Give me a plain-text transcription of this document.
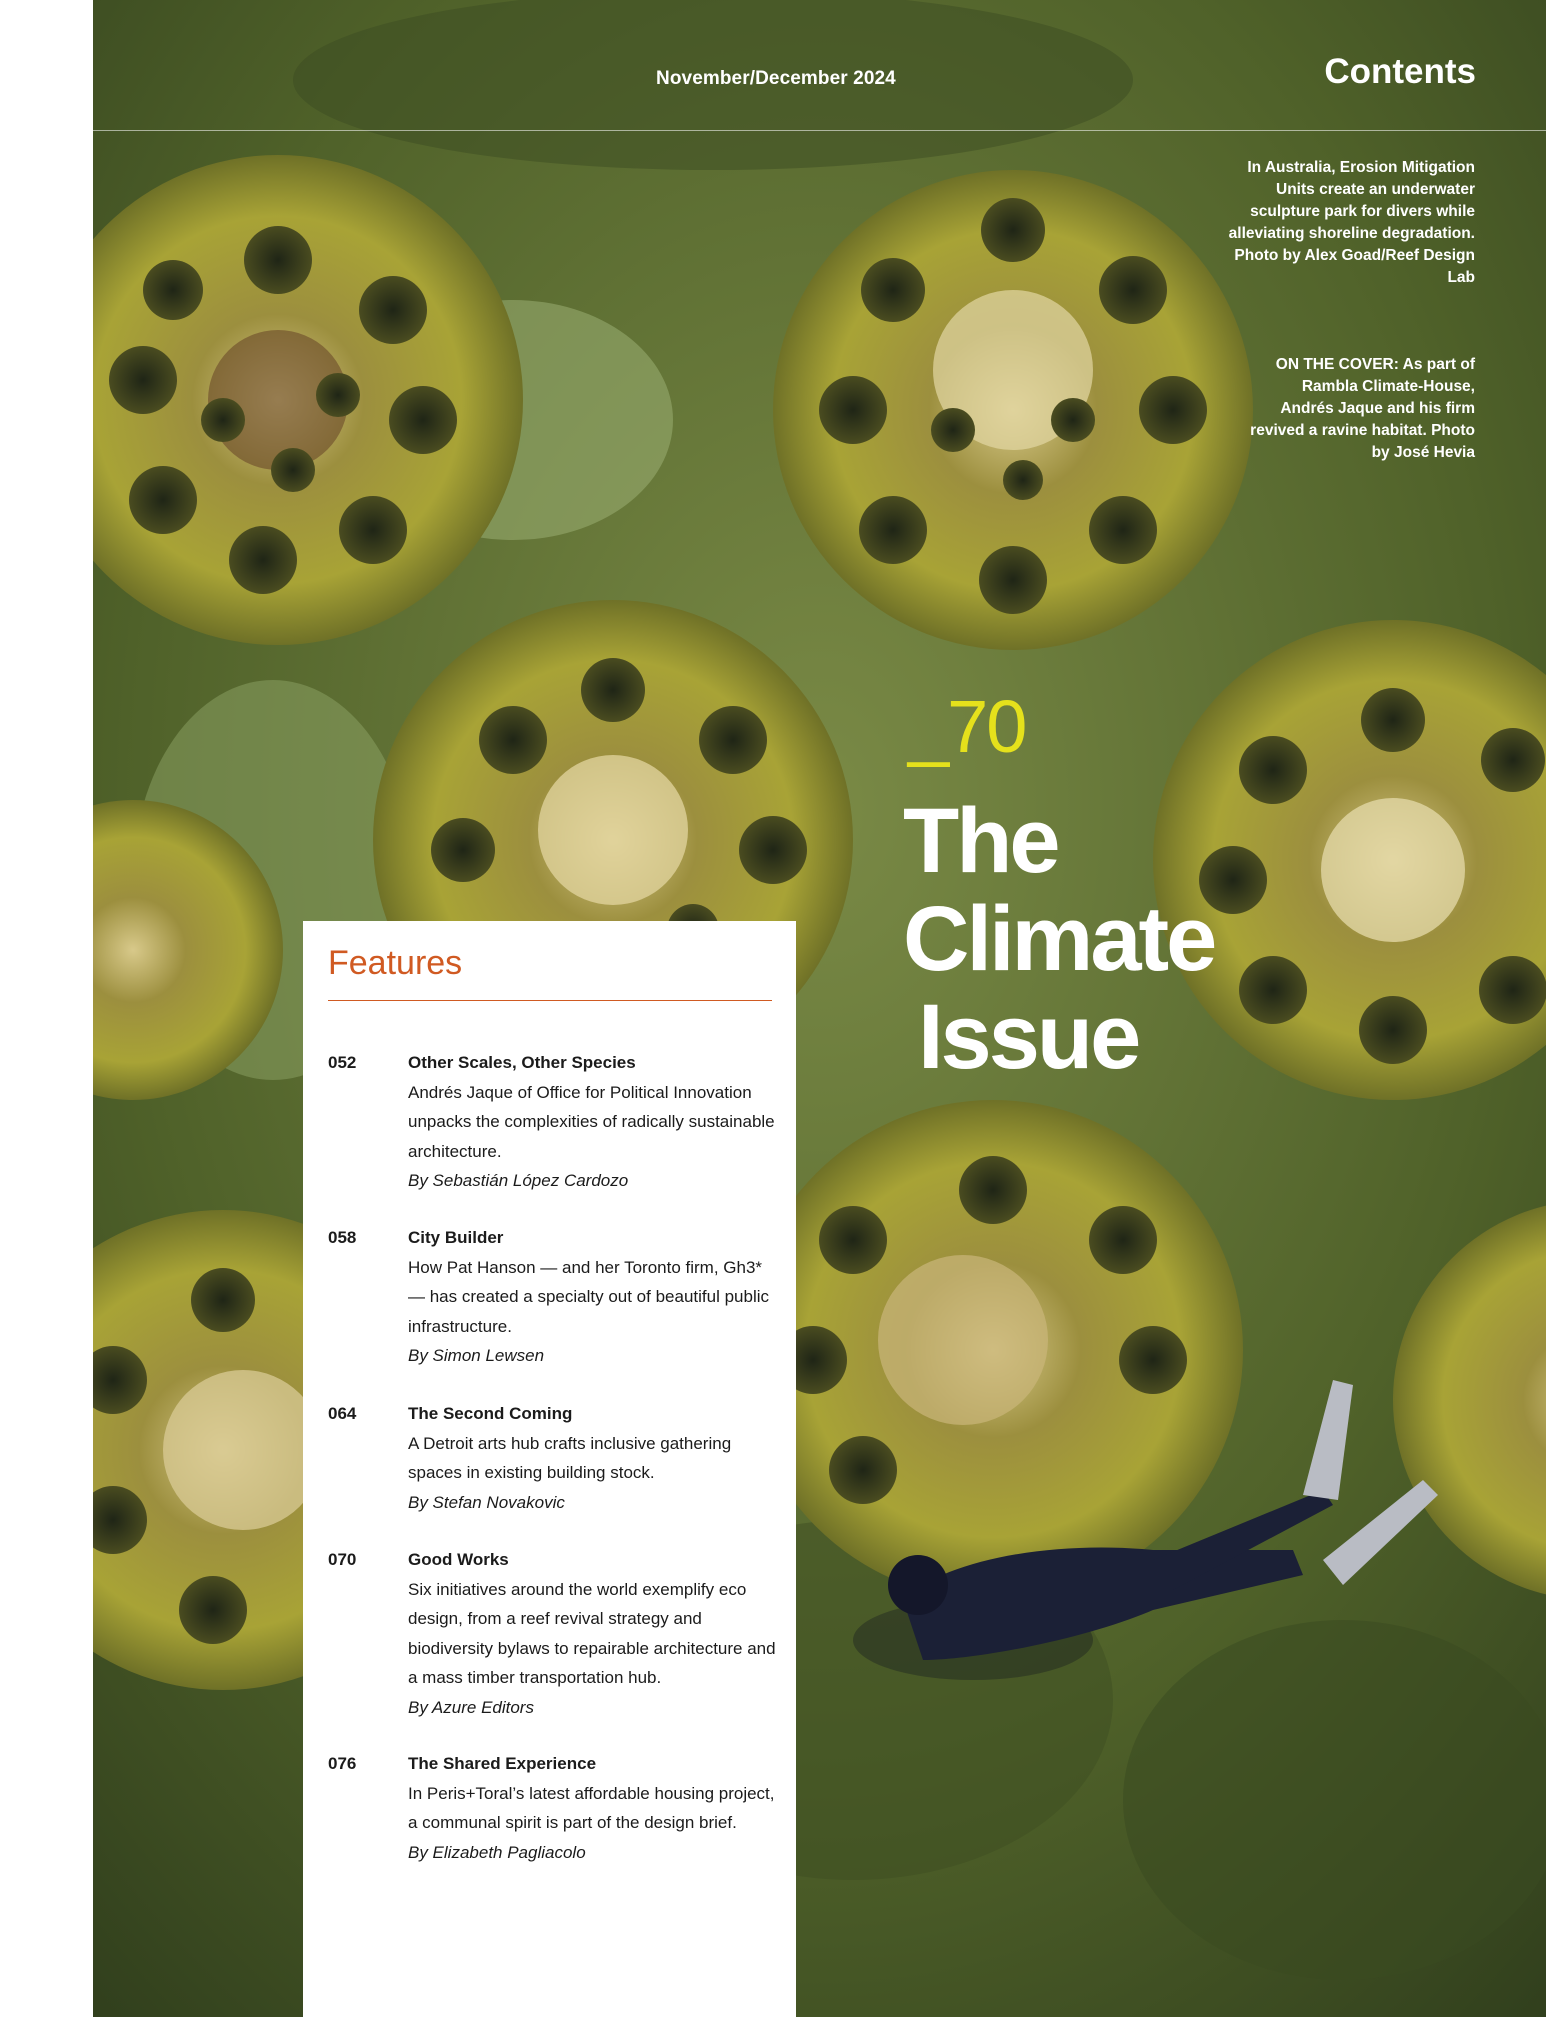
November/December 2024	Contents
In Australia, Erosion Mitigation Units create an underwater sculpture park for divers while alleviating shoreline degradation. Photo by Alex Goad/Reef Design Lab
ON THE COVER: As part of Rambla Climate-House, Andrés Jaque and his firm revived a ravine habitat. Photo by José Hevia
_70
The
Climate
Issue
Features
052	Other Scales, Other Species
Andrés Jaque of Office for Political Innovation unpacks the complexities of radically sustainable architecture.
By Sebastián López Cardozo
058	City Builder
How Pat Hanson — and her Toronto firm, Gh3* — has created a specialty out of beautiful public infrastructure.
By Simon Lewsen
064	The Second Coming
A Detroit arts hub crafts inclusive gathering spaces in existing building stock.
By Stefan Novakovic
070	Good Works
Six initiatives around the world exemplify eco design, from a reef revival strategy and biodiversity bylaws to repairable architecture and a mass timber transportation hub.
By Azure Editors
076	The Shared Experience
In Peris+Toral’s latest affordable housing project, a communal spirit is part of the design brief.
By Elizabeth Pagliacolo
